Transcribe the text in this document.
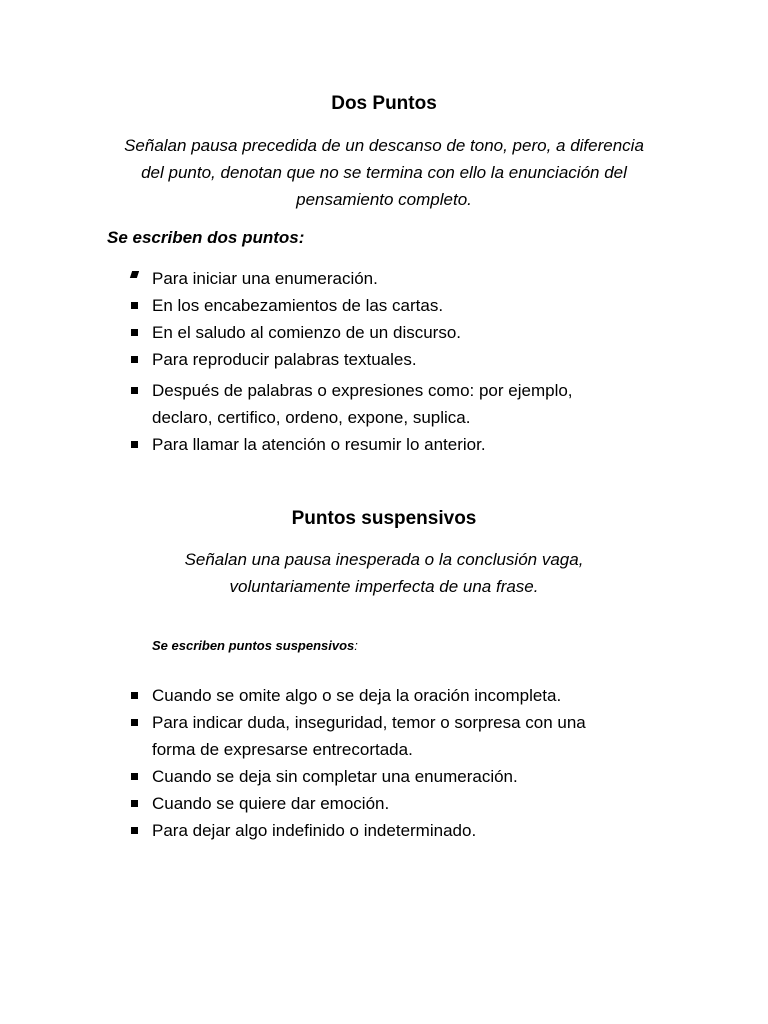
Dos Puntos

Señalan pausa precedida de un descanso de tono, pero, a diferencia
del punto, denotan que no se termina con ello la enunciación del
pensamiento completo.

Se escriben dos puntos:

Para iniciar una enumeración.
En los encabezamientos de las cartas.
En el saludo al comienzo de un discurso.
Para reproducir palabras textuales.
Después de palabras o expresiones como: por ejemplo,
declaro, certifico, ordeno, expone, suplica.
Para llamar la atención o resumir lo anterior.
Puntos suspensivos

Señalan una pausa inesperada o la conclusión vaga,
voluntariamente imperfecta de una frase.

Se escriben puntos suspensivos:

Cuando se omite algo o se deja la oración incompleta.
Para indicar duda, inseguridad, temor o sorpresa con una
forma de expresarse entrecortada.
Cuando se deja sin completar una enumeración.
Cuando se quiere dar emoción.
Para dejar algo indefinido o indeterminado.
